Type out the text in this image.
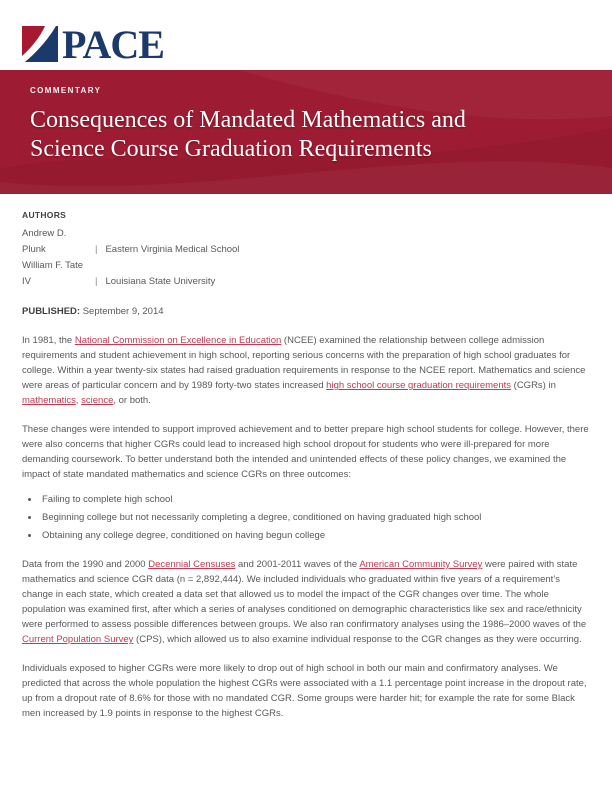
PACE
COMMENTARY
Consequences of Mandated Mathematics and
Science Course Graduation Requirements
AUTHORS
Andrew D.
Plunk	| Eastern Virginia Medical School
William F. Tate
IV	| Louisiana State University
PUBLISHED: September 9, 2014

In 1981, the National Commission on Excellence in Education (NCEE) examined the relationship between college admission requirements and student achievement in high school, reporting serious concerns with the preparation of high school graduates for college. Within a year twenty-six states had raised graduation requirements in response to the NCEE report. Mathematics and science were areas of particular concern and by 1989 forty-two states increased high school course graduation requirements (CGRs) in mathematics, science, or both.

These changes were intended to support improved achievement and to better prepare high school students for college. However, there were also concerns that higher CGRs could lead to increased high school dropout for students who were ill-prepared for more demanding coursework. To better understand both the intended and unintended effects of these policy changes, we examined the impact of state mandated mathematics and science CGRs on three outcomes:

• Failing to complete high school
• Beginning college but not necessarily completing a degree, conditioned on having graduated high school
• Obtaining any college degree, conditioned on having begun college

Data from the 1990 and 2000 Decennial Censuses and 2001-2011 waves of the American Community Survey were paired with state mathematics and science CGR data (n = 2,892,444). We included individuals who graduated within five years of a requirement’s change in each state, which created a data set that allowed us to model the impact of the CGR changes over time. The whole population was examined first, after which a series of analyses conditioned on demographic characteristics like sex and race/ethnicity were performed to assess possible differences between groups. We also ran confirmatory analyses using the 1986–2000 waves of the Current Population Survey (CPS), which allowed us to also examine individual response to the CGR changes as they were occurring.

Individuals exposed to higher CGRs were more likely to drop out of high school in both our main and confirmatory analyses. We predicted that across the whole population the highest CGRs were associated with a 1.1 percentage point increase in the dropout rate, up from a dropout rate of 8.6% for those with no mandated CGR. Some groups were harder hit; for example the rate for some Black men increased by 1.9 points in response to the highest CGRs.
